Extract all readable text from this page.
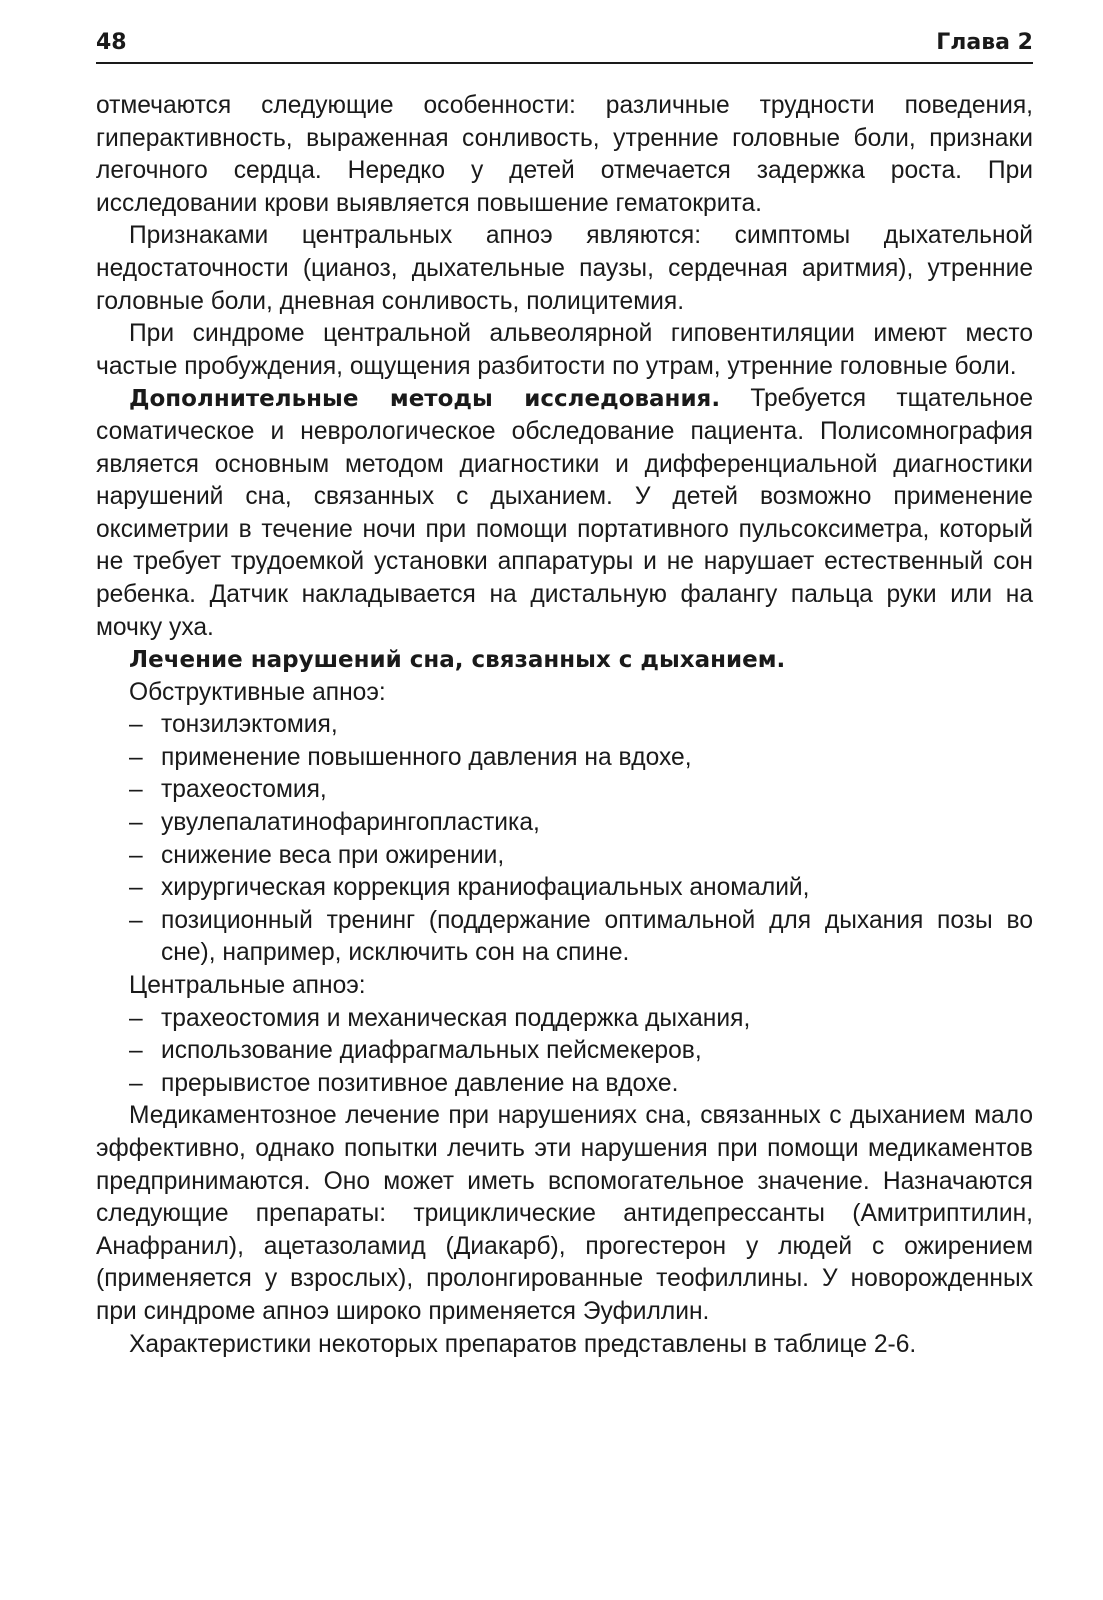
48	Глава 2

отмечаются следующие особенности: различные трудности поведения, гиперактивность, выраженная сонливость, утренние головные боли, признаки легочного сердца. Нередко у детей отмечается задержка роста. При исследовании крови выявляется повышение гематокрита.

Признаками центральных апноэ являются: симптомы дыхательной недостаточности (цианоз, дыхательные паузы, сердечная аритмия), утренние головные боли, дневная сонливость, полицитемия.

При синдроме центральной альвеолярной гиповентиляции имеют место частые пробуждения, ощущения разбитости по утрам, утренние головные боли.

Дополнительные методы исследования. Требуется тщательное соматическое и неврологическое обследование пациента. Полисомнография является основным методом диагностики и дифференциальной диагностики нарушений сна, связанных с дыханием. У детей возможно применение оксиметрии в течение ночи при помощи портативного пульсоксиметра, который не требует трудоемкой установки аппаратуры и не нарушает естественный сон ребенка. Датчик накладывается на дистальную фалангу пальца руки или на мочку уха.

Лечение нарушений сна, связанных с дыханием.

Обструктивные апноэ:

– тонзилэктомия,
– применение повышенного давления на вдохе,
– трахеостомия,
– увулепалатинофарингопластика,
– снижение веса при ожирении,
– хирургическая коррекция краниофациальных аномалий,
– позиционный тренинг (поддержание оптимальной для дыхания позы во сне), например, исключить сон на спине.

Центральные апноэ:

– трахеостомия и механическая поддержка дыхания,
– использование диафрагмальных пейсмекеров,
– прерывистое позитивное давление на вдохе.

Медикаментозное лечение при нарушениях сна, связанных с дыханием мало эффективно, однако попытки лечить эти нарушения при помощи медикаментов предпринимаются. Оно может иметь вспомогательное значение. Назначаются следующие препараты: трициклические антидепрессанты (Амитриптилин, Анафранил), ацетазоламид (Диакарб), прогестерон у людей с ожирением (применяется у взрослых), пролонгированные теофиллины. У новорожденных при синдроме апноэ широко применяется Эуфиллин.

Характеристики некоторых препаратов представлены в таблице 2-6.
